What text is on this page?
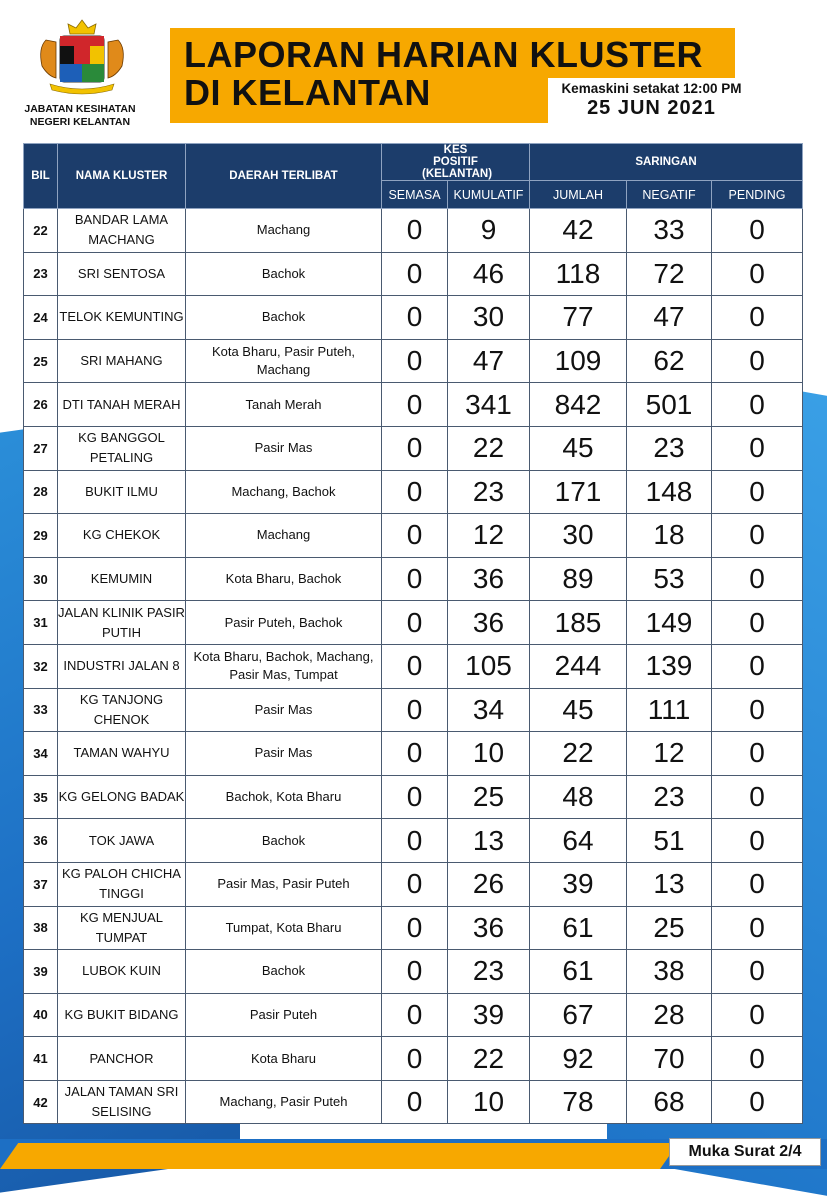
JABATAN KESIHATAN
NEGERI KELANTAN
LAPORAN HARIAN KLUSTER
DI KELANTAN	Kemaskini setakat 12:00 PM
25 JUN 2021
BIL	NAMA KLUSTER	DAERAH TERLIBAT	KES POSITIF (KELANTAN)		SARINGAN		
			SEMASA	KUMULATIF	JUMLAH	NEGATIF	PENDING
22	BANDAR LAMA MACHANG	Machang	0	9	42	33	0
23	SRI SENTOSA	Bachok	0	46	118	72	0
24	TELOK KEMUNTING	Bachok	0	30	77	47	0
25	SRI MAHANG	Kota Bharu, Pasir Puteh, Machang	0	47	109	62	0
26	DTI TANAH MERAH	Tanah Merah	0	341	842	501	0
27	KG BANGGOL PETALING	Pasir Mas	0	22	45	23	0
28	BUKIT ILMU	Machang, Bachok	0	23	171	148	0
29	KG CHEKOK	Machang	0	12	30	18	0
30	KEMUMIN	Kota Bharu, Bachok	0	36	89	53	0
31	JALAN KLINIK PASIR PUTIH	Pasir Puteh, Bachok	0	36	185	149	0
32	INDUSTRI JALAN 8	Kota Bharu, Bachok, Machang, Pasir Mas, Tumpat	0	105	244	139	0
33	KG TANJONG CHENOK	Pasir Mas	0	34	45	111	0
34	TAMAN WAHYU	Pasir Mas	0	10	22	12	0
35	KG GELONG BADAK	Bachok, Kota Bharu	0	25	48	23	0
36	TOK JAWA	Bachok	0	13	64	51	0
37	KG PALOH CHICHA TINGGI	Pasir Mas, Pasir Puteh	0	26	39	13	0
38	KG MENJUAL TUMPAT	Tumpat, Kota Bharu	0	36	61	25	0
39	LUBOK KUIN	Bachok	0	23	61	38	0
40	KG BUKIT BIDANG	Pasir Puteh	0	39	67	28	0
41	PANCHOR	Kota Bharu	0	22	92	70	0
42	JALAN TAMAN SRI SELISING	Machang, Pasir Puteh	0	10	78	68	0
Muka Surat 2/4
